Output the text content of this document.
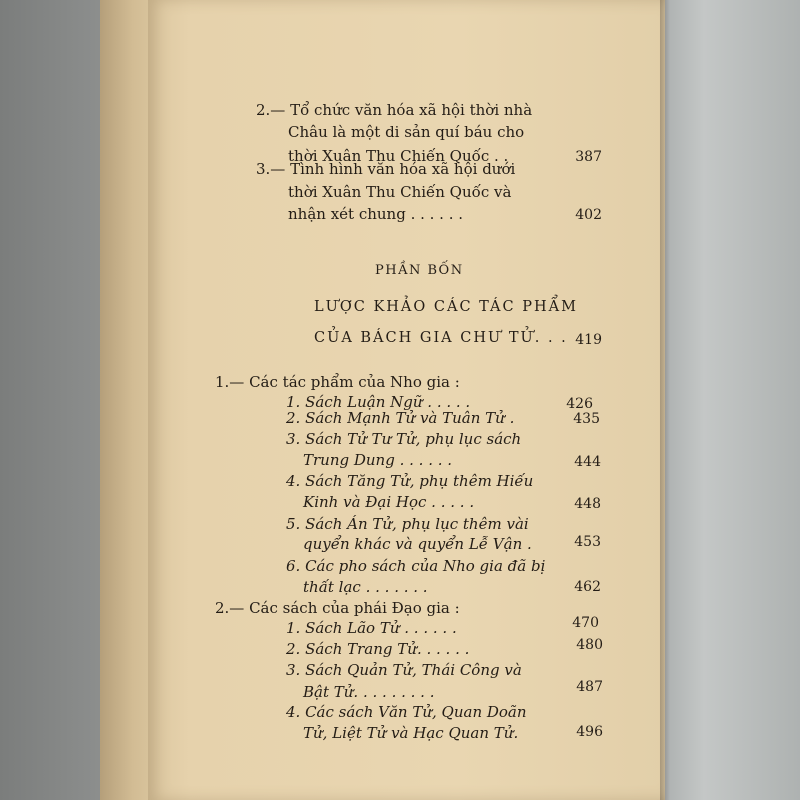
2.— Tổ chức văn hóa xã hội thời nhà
Châu là một di sản quí báu cho
thời Xuân Thu Chiến Quốc . .	387
3.— Tình hình văn hóa xã hội dưới
thời Xuân Thu Chiến Quốc và
nhận xét chung . . . . . .	402
PHẦN BỐN
LƯỢC KHẢO CÁC TÁC PHẨM
CỦA BÁCH GIA CHƯ TỬ. . . 419
1.— Các tác phẩm của Nho gia :
1. Sách Luận Ngữ . . . . .	426
2. Sách Mạnh Tử và Tuân Tử .	435
3. Sách Tử Tư Tử, phụ lục sách
Trung Dung . . . . . .	444
4. Sách Tăng Tử, phụ thêm Hiếu
Kinh và Đại Học . . . . .	448
5. Sách Án Tử, phụ lục thêm vài
quyển khác và quyển Lễ Vận .	453
6. Các pho sách của Nho gia đã bị
thất lạc . . . . . . .	462
2.— Các sách của phái Đạo gia :
1. Sách Lão Tử . . . . . .	470
2. Sách Trang Tử. . . . . .	480
3. Sách Quản Tử, Thái Công và
Bật Tử. . . . . . . . .	487
4. Các sách Văn Tử, Quan Doãn
Tử, Liệt Tử và Hạc Quan Tử.	496
